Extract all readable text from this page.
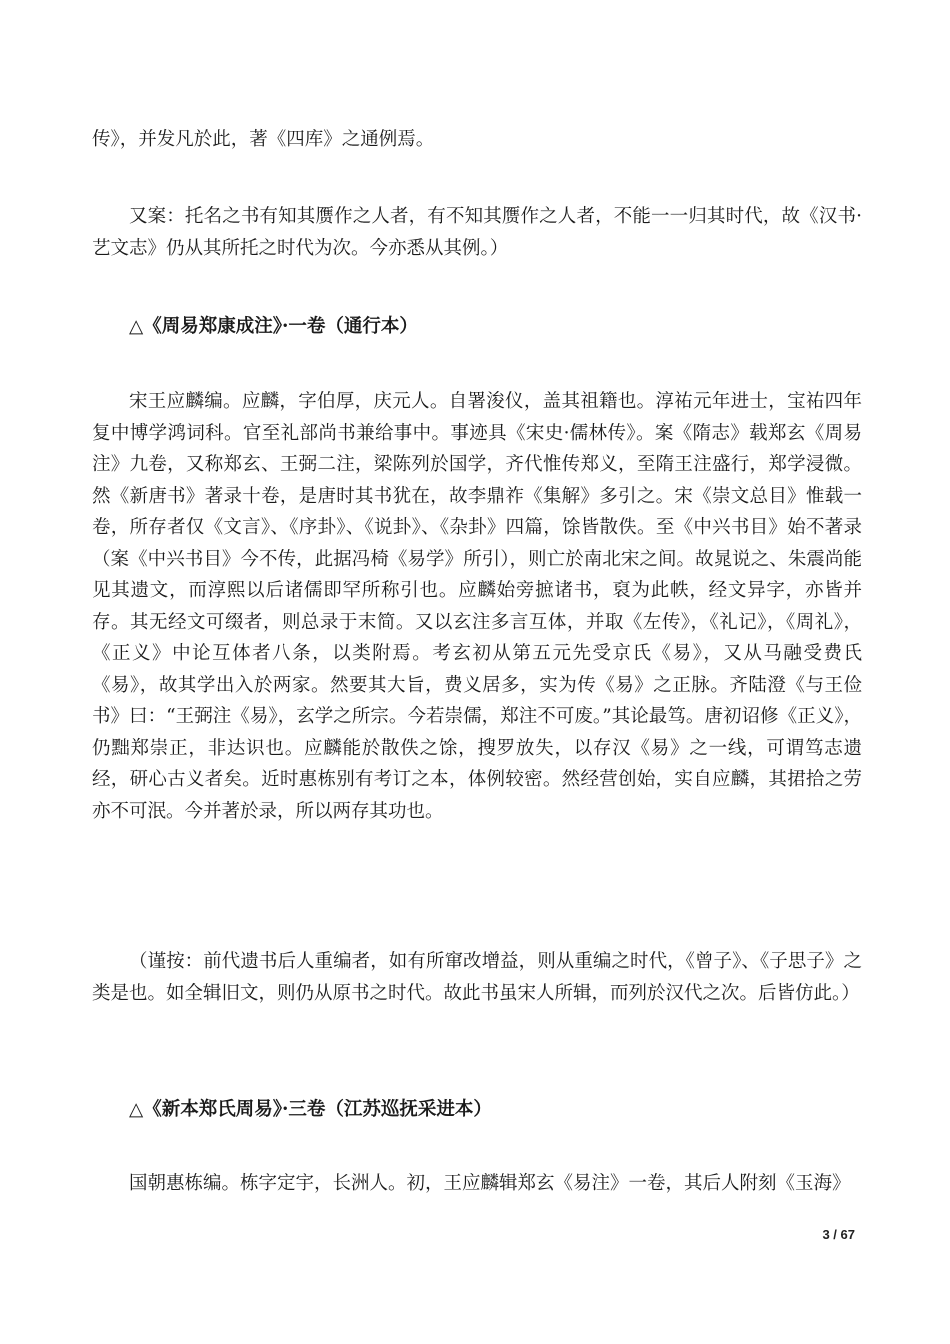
传》，并发凡於此，著《四库》之通例焉。

又案：托名之书有知其赝作之人者，有不知其赝作之人者，不能一一归其时代，故《汉书·艺文志》仍从其所托之时代为次。今亦悉从其例。）

△《周易郑康成注》·一卷（通行本）

宋王应麟编。应麟，字伯厚，庆元人。自署浚仪，盖其祖籍也。淳祐元年进士，宝祐四年复中博学鸿词科。官至礼部尚书兼给事中。事迹具《宋史·儒林传》。案《隋志》载郑玄《周易注》九卷，又称郑玄、王弼二注，梁陈列於国学，齐代惟传郑义，至隋王注盛行，郑学浸微。然《新唐书》著录十卷，是唐时其书犹在，故李鼎祚《集解》多引之。宋《崇文总目》惟载一卷，所存者仅《文言》、《序卦》、《说卦》、《杂卦》四篇，馀皆散佚。至《中兴书目》始不著录（案《中兴书目》今不传，此据冯椅《易学》所引），则亡於南北宋之间。故晁说之、朱震尚能见其遗文，而淳熙以后诸儒即罕所称引也。应麟始旁摭诸书，裒为此帙，经文异字，亦皆并存。其无经文可缀者，则总录于末简。又以玄注多言互体，并取《左传》，《礼记》，《周礼》，《正义》中论互体者八条，以类附焉。考玄初从第五元先受京氏《易》，又从马融受费氏《易》，故其学出入於两家。然要其大旨，费义居多，实为传《易》之正脉。齐陆澄《与王俭书》曰：“王弼注《易》，玄学之所宗。今若崇儒，郑注不可废。”其论最笃。唐初诏修《正义》，仍黜郑崇正，非达识也。应麟能於散佚之馀，搜罗放失，以存汉《易》之一线，可谓笃志遗经，研心古义者矣。近时惠栋别有考订之本，体例较密。然经营创始，实自应麟，其捃拾之劳亦不可泯。今并著於录，所以两存其功也。

（谨按：前代遗书后人重编者，如有所窜改增益，则从重编之时代，《曾子》、《子思子》之类是也。如全辑旧文，则仍从原书之时代。故此书虽宋人所辑，而列於汉代之次。后皆仿此。）

△《新本郑氏周易》·三卷（江苏巡抚采进本）

国朝惠栋编。栋字定宇，长洲人。初，王应麟辑郑玄《易注》一卷，其后人附刻《玉海》

3 / 67
